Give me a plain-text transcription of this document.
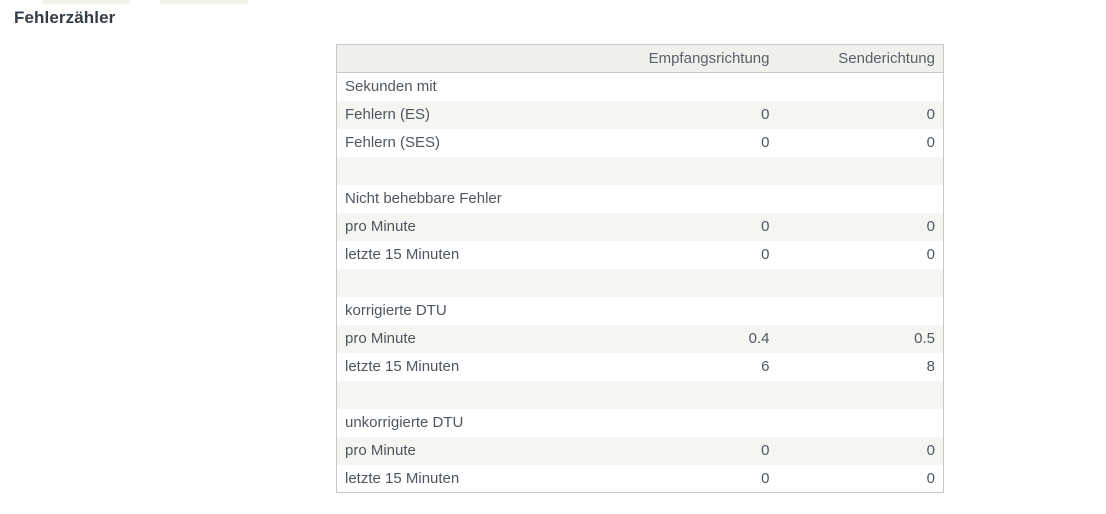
Fehlerzähler
	Empfangsrichtung	Senderichtung
Sekunden mit		
Fehlern (ES)	0	0
Fehlern (SES)	0	0

Nicht behebbare Fehler		
pro Minute	0	0
letzte 15 Minuten	0	0

korrigierte DTU		
pro Minute	0.4	0.5
letzte 15 Minuten	6	8

unkorrigierte DTU		
pro Minute	0	0
letzte 15 Minuten	0	0
